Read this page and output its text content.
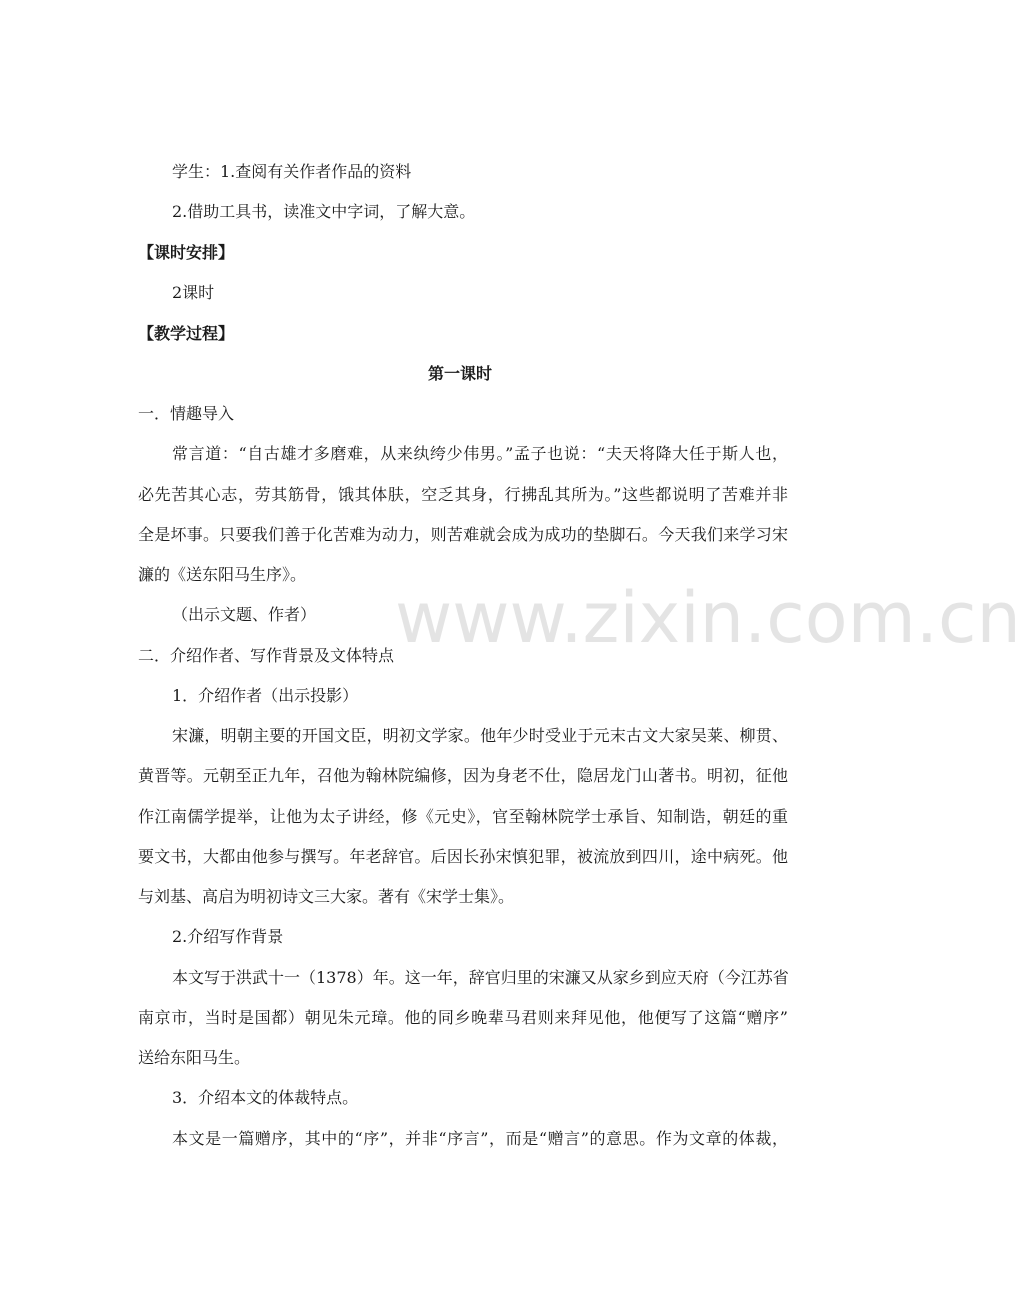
学生：1.查阅有关作者作品的资料
2.借助工具书，读准文中字词，了解大意。
【课时安排】
2课时
【教学过程】
第一课时
一．情趣导入
常言道：“自古雄才多磨难，从来纨绔少伟男。”孟子也说：“夫天将降大任于斯人也，
必先苦其心志，劳其筋骨，饿其体肤，空乏其身，行拂乱其所为。”这些都说明了苦难并非
全是坏事。只要我们善于化苦难为动力，则苦难就会成为成功的垫脚石。今天我们来学习宋
濂的《送东阳马生序》。
（出示文题、作者）
二．介绍作者、写作背景及文体特点
1．介绍作者（出示投影）
宋濂，明朝主要的开国文臣，明初文学家。他年少时受业于元末古文大家吴莱、柳贯、
黄晋等。元朝至正九年，召他为翰林院编修，因为身老不仕，隐居龙门山著书。明初，征他
作江南儒学提举，让他为太子讲经，修《元史》，官至翰林院学士承旨、知制诰，朝廷的重
要文书，大都由他参与撰写。年老辞官。后因长孙宋慎犯罪，被流放到四川，途中病死。他
与刘基、高启为明初诗文三大家。著有《宋学士集》。
2.介绍写作背景
本文写于洪武十一（1378）年。这一年，辞官归里的宋濂又从家乡到应天府（今江苏省
南京市，当时是国都）朝见朱元璋。他的同乡晚辈马君则来拜见他，他便写了这篇“赠序”
送给东阳马生。
3．介绍本文的体裁特点。
本文是一篇赠序，其中的“序”，并非“序言”，而是“赠言”的意思。作为文章的体裁，
www.zixin.com.cn
